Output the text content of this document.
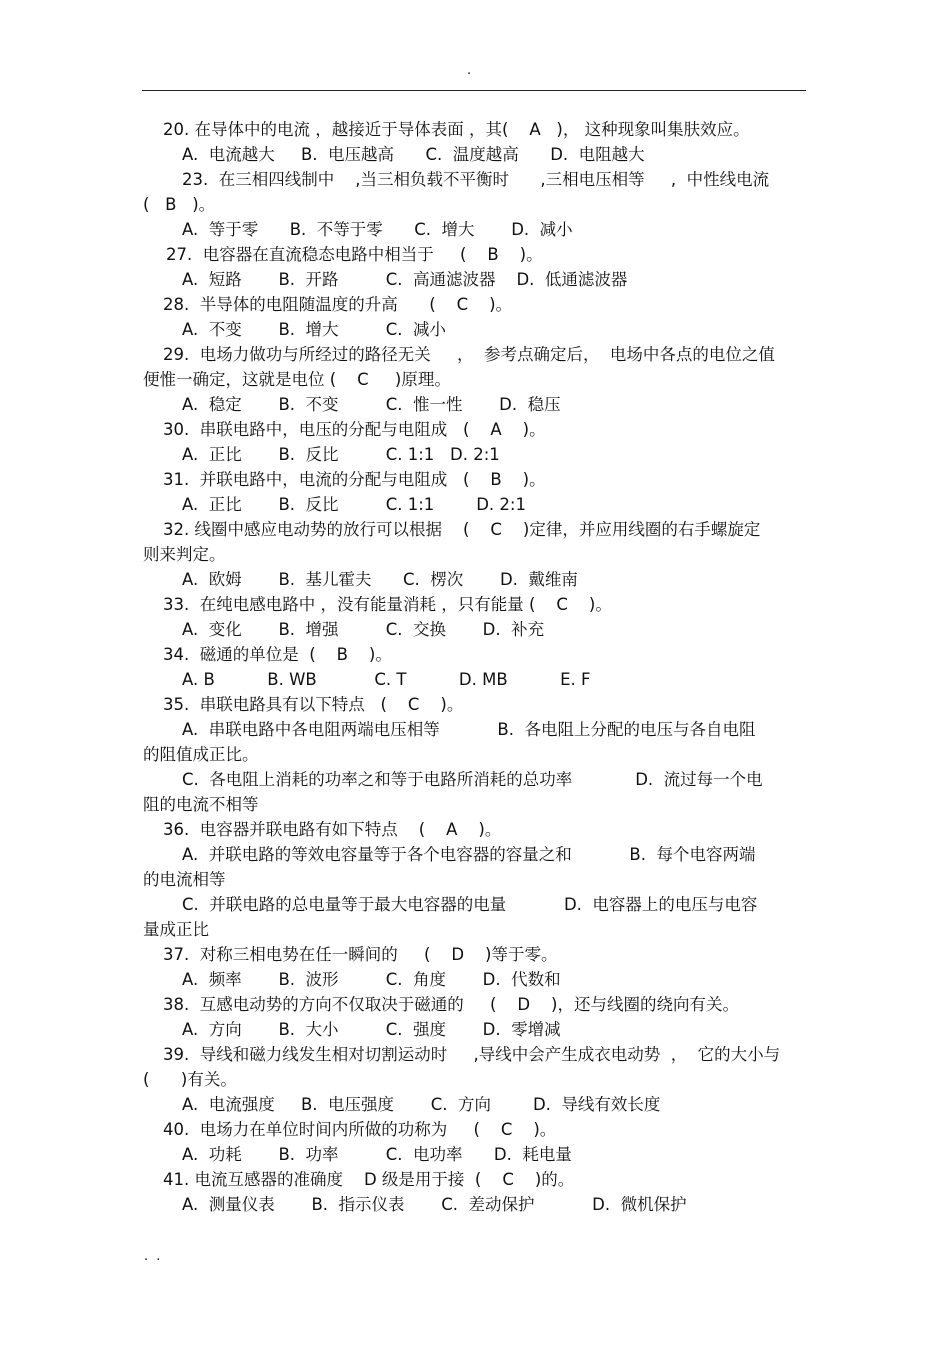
.
20. 在导体中的电流 ，越接近于导体表面 ，其(    A   )， 这种现象叫集肤效应。
A.  电流越大     B.  电压越高      C.  温度越高      D.  电阻越大
23.  在三相四线制中    ,当三相负载不平衡时      ,三相电压相等     ,  中性线电流
(   B   )。
A.  等于零      B.  不等于零      C.  增大       D.  减小
27.  电容器在直流稳态电路中相当于     (    B    )。
A.  短路       B.  开路         C.  高通滤波器    D.  低通滤波器
28.  半导体的电阻随温度的升高      (    C    )。
A.  不变       B.  增大         C.  减小
29.  电场力做功与所经过的路径无关     ，  参考点确定后，  电场中各点的电位之值
便惟一确定，这就是电位 (    C     )原理。
A.  稳定       B.  不变         C.  惟一性       D.  稳压
30.  串联电路中，电压的分配与电阻成   (    A    )。
A.  正比       B.  反比         C. 1:1   D. 2:1
31.  并联电路中，电流的分配与电阻成   (    B    )。
A.  正比       B.  反比         C. 1:1        D. 2:1
32. 线圈中感应电动势的放行可以根据    (    C    )定律，并应用线圈的右手螺旋定
则来判定。
A.  欧姆       B.  基儿霍夫      C.  楞次       D.  戴维南
33.  在纯电感电路中 ，没有能量消耗 ，只有能量 (    C    )。
A.  变化       B.  增强         C.  交换       D.  补充
34.  磁通的单位是  (    B    )。
A. B          B. WB           C. T          D. MB          E. F
35.  串联电路具有以下特点   (    C    )。
A.  串联电路中各电阻两端电压相等           B.  各电阻上分配的电压与各自电阻
的阻值成正比。
C.  各电阻上消耗的功率之和等于电路所消耗的总功率            D.  流过每一个电
阻的电流不相等
36.  电容器并联电路有如下特点    (    A    )。
A.  并联电路的等效电容量等于各个电容器的容量之和           B.  每个电容两端
的电流相等
C.  并联电路的总电量等于最大电容器的电量           D.  电容器上的电压与电容
量成正比
37.  对称三相电势在任一瞬间的     (    D    )等于零。
A.  频率       B.  波形         C.  角度       D.  代数和
38.  互感电动势的方向不仅取决于磁通的     (    D    )，还与线圈的绕向有关。
A.  方向       B.  大小         C.  强度       D.  零增减
39.  导线和磁力线发生相对切割运动时     ,导线中会产生成衣电动势  ，  它的大小与
(      )有关。
A.  电流强度     B.  电压强度       C.  方向        D.  导线有效长度
40.  电场力在单位时间内所做的功称为     (    C    )。
A.  功耗       B.  功率         C.  电功率      D.  耗电量
41. 电流互感器的准确度    D 级是用于接  (    C    )的。
A.  测量仪表       B.  指示仪表       C.  差动保护           D.  微机保护
. .
